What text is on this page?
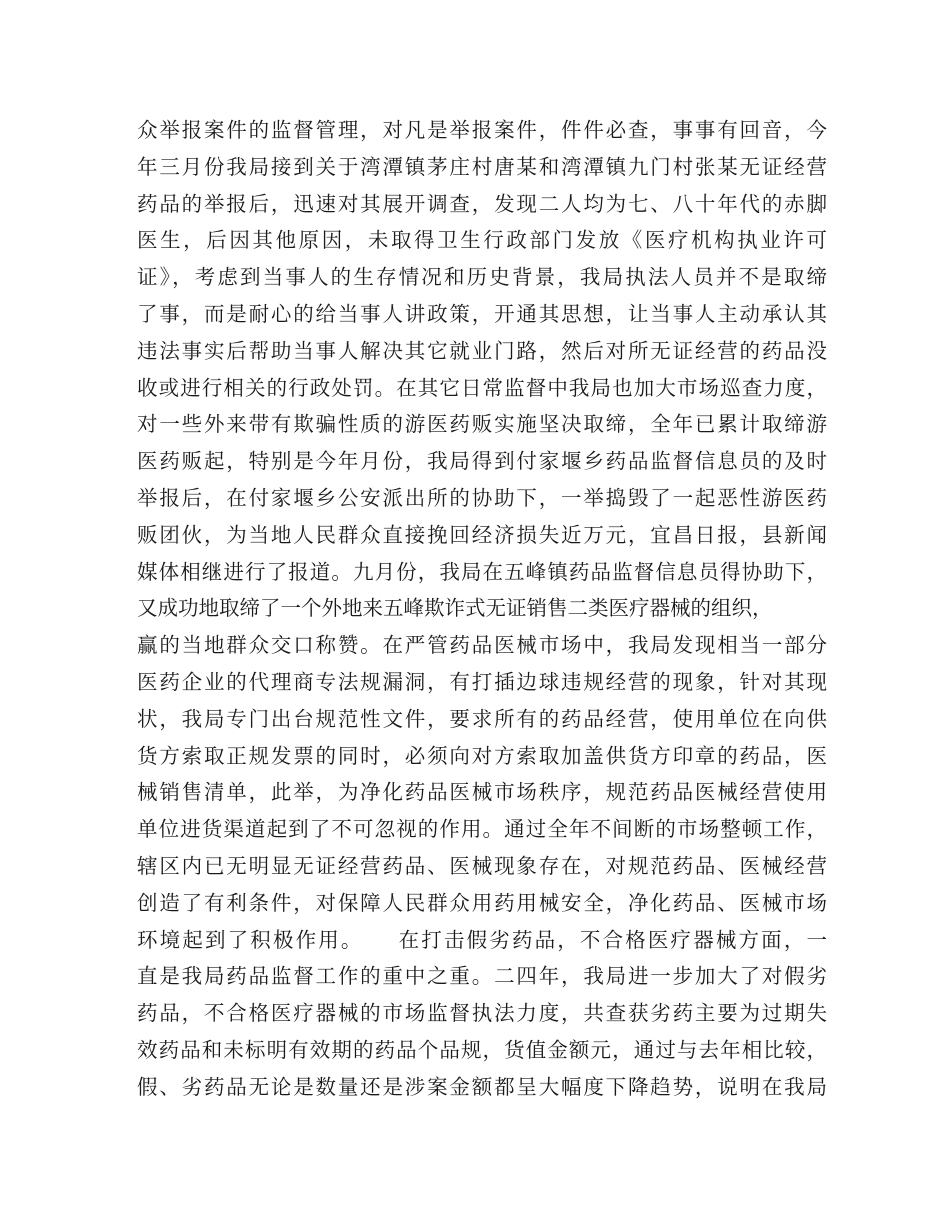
众举报案件的监督管理，对凡是举报案件，件件必查，事事有回音，今
年三月份我局接到关于湾潭镇茅庄村唐某和湾潭镇九门村张某无证经营
药品的举报后，迅速对其展开调查，发现二人均为七、八十年代的赤脚
医生，后因其他原因，未取得卫生行政部门发放《医疗机构执业许可
证》，考虑到当事人的生存情况和历史背景，我局执法人员并不是取缔
了事，而是耐心的给当事人讲政策，开通其思想，让当事人主动承认其
违法事实后帮助当事人解决其它就业门路，然后对所无证经营的药品没
收或进行相关的行政处罚。在其它日常监督中我局也加大市场巡查力度，
对一些外来带有欺骗性质的游医药贩实施坚决取缔，全年已累计取缔游
医药贩起，特别是今年月份，我局得到付家堰乡药品监督信息员的及时
举报后，在付家堰乡公安派出所的协助下，一举捣毁了一起恶性游医药
贩团伙，为当地人民群众直接挽回经济损失近万元，宜昌日报，县新闻
媒体相继进行了报道。九月份，我局在五峰镇药品监督信息员得协助下，
又成功地取缔了一个外地来五峰欺诈式无证销售二类医疗器械的组织，
赢的当地群众交口称赞。在严管药品医械市场中，我局发现相当一部分
医药企业的代理商专法规漏洞，有打插边球违规经营的现象，针对其现
状，我局专门出台规范性文件，要求所有的药品经营，使用单位在向供
货方索取正规发票的同时，必须向对方索取加盖供货方印章的药品，医
械销售清单，此举，为净化药品医械市场秩序，规范药品医械经营使用
单位进货渠道起到了不可忽视的作用。通过全年不间断的市场整顿工作，
辖区内已无明显无证经营药品、医械现象存在，对规范药品、医械经营
创造了有利条件，对保障人民群众用药用械安全，净化药品、医械市场
环境起到了积极作用。　　在打击假劣药品，不合格医疗器械方面，一
直是我局药品监督工作的重中之重。二四年，我局进一步加大了对假劣
药品，不合格医疗器械的市场监督执法力度，共查获劣药主要为过期失
效药品和未标明有效期的药品个品规，货值金额元，通过与去年相比较，
假、劣药品无论是数量还是涉案金额都呈大幅度下降趋势，说明在我局
